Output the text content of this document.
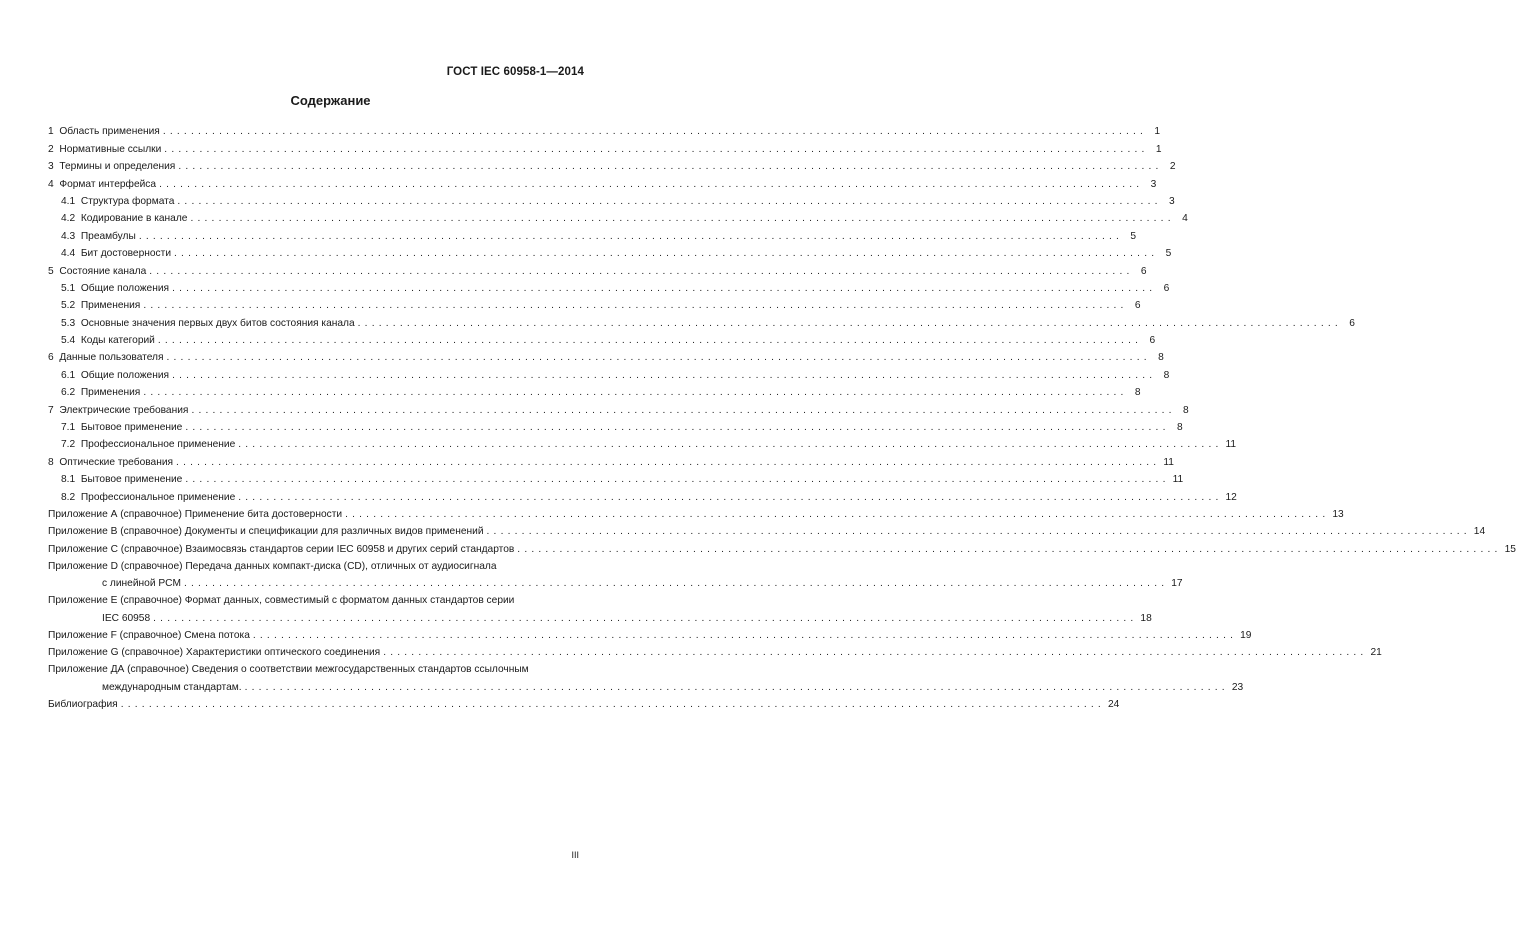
ГОСТ IEC 60958-1—2014
Содержание
1 Область применения ............................................................................................................................................ 1
2 Нормативные ссылки ............................................................................................................................................ 1
3 Термины и определения ............................................................................................................................................ 2
4 Формат интерфейса ............................................................................................................................................ 3
4.1 Структура формата ............................................................................................................................................ 3
4.2 Кодирование в канале ............................................................................................................................................ 4
4.3 Преамбулы ............................................................................................................................................ 5
4.4 Бит достоверности ............................................................................................................................................ 5
5 Состояние канала ............................................................................................................................................ 6
5.1 Общие положения ............................................................................................................................................ 6
5.2 Применения ............................................................................................................................................ 6
5.3 Основные значения первых двух битов состояния канала ............................................................................................................................................ 6
5.4 Коды категорий ............................................................................................................................................ 6
6 Данные пользователя ............................................................................................................................................ 8
6.1 Общие положения ............................................................................................................................................ 8
6.2 Применения ............................................................................................................................................ 8
7 Электрические требования ............................................................................................................................................ 8
7.1 Бытовое применение ............................................................................................................................................ 8
7.2 Профессиональное применение ............................................................................................................................................ 11
8 Оптические требования ............................................................................................................................................ 11
8.1 Бытовое применение ............................................................................................................................................ 11
8.2 Профессиональное применение ............................................................................................................................................ 12
Приложение А (справочное) Применение бита достоверности ............................................................................................................................................ 13
Приложение В (справочное) Документы и спецификации для различных видов применений ............................................................................................................................................ 14
Приложение С (справочное) Взаимосвязь стандартов серии IEC 60958 и других серий стандартов ............................................................................................................................................ 15
Приложение D (справочное) Передача данных компакт-диска (CD), отличных от аудиосигнала
с линейной PCM ............................................................................................................................................ 17
Приложение Е (справочное) Формат данных, совместимый с форматом данных стандартов серии
IEC 60958 ............................................................................................................................................ 18
Приложение F (справочное) Смена потока ............................................................................................................................................ 19
Приложение G (справочное) Характеристики оптического соединения ............................................................................................................................................ 21
Приложение ДА (справочное) Сведения о соответствии межгосударственных стандартов ссылочным
международным стандартам. ............................................................................................................................................ 23
Библиография ............................................................................................................................................ 24
III
